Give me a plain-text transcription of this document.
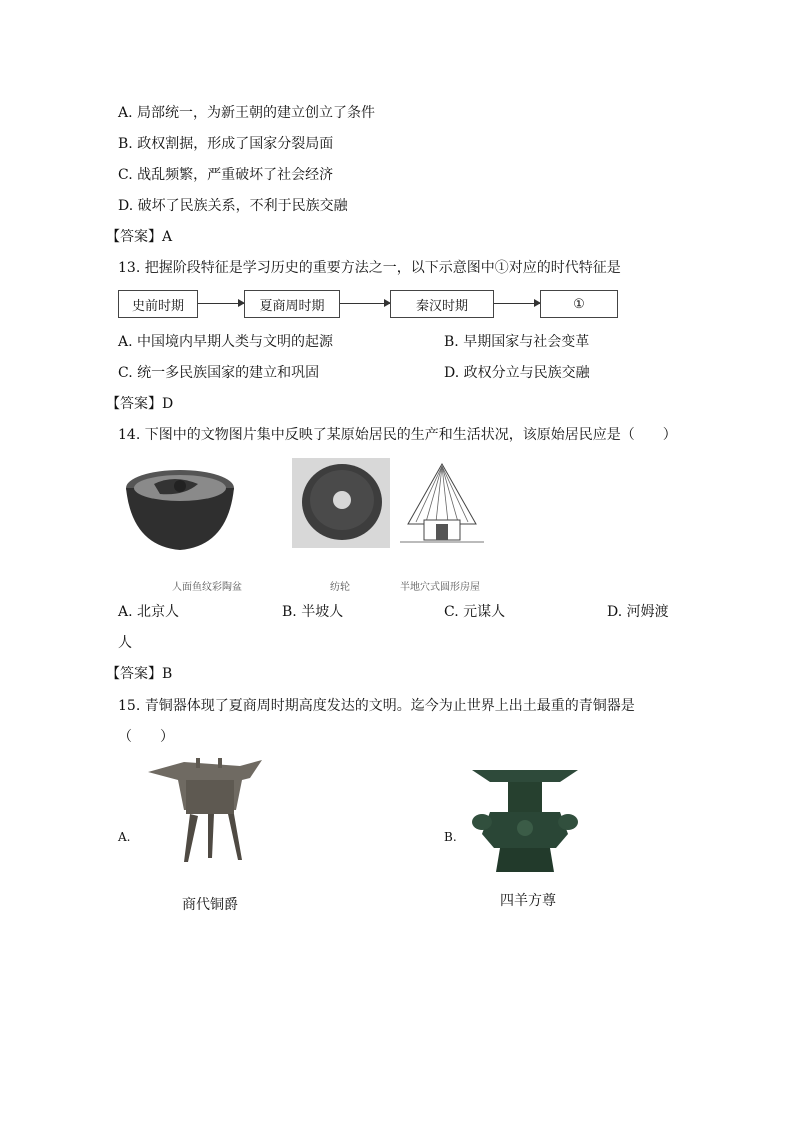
A. 局部统一，为新王朝的建立创立了条件
B. 政权割据，形成了国家分裂局面
C. 战乱频繁，严重破坏了社会经济
D. 破坏了民族关系，不利于民族交融
【答案】A
13. 把握阶段特征是学习历史的重要方法之一，以下示意图中①对应的时代特征是
史前时期	夏商周时期	秦汉时期	①
A. 中国境内早期人类与文明的起源	B. 早期国家与社会变革
C. 统一多民族国家的建立和巩固	D. 政权分立与民族交融
【答案】D
14. 下图中的文物图片集中反映了某原始居民的生产和生活状况，该原始居民应是（　　）
人面鱼纹彩陶盆	纺轮	半地穴式圆形房屋
A. 北京人	B. 半坡人	C. 元谋人	D. 河姆渡
人
【答案】B
15. 青铜器体现了夏商周时期高度发达的文明。迄今为止世界上出土最重的青铜器是
（　　）
A.
商代铜爵
B.
四羊方尊
